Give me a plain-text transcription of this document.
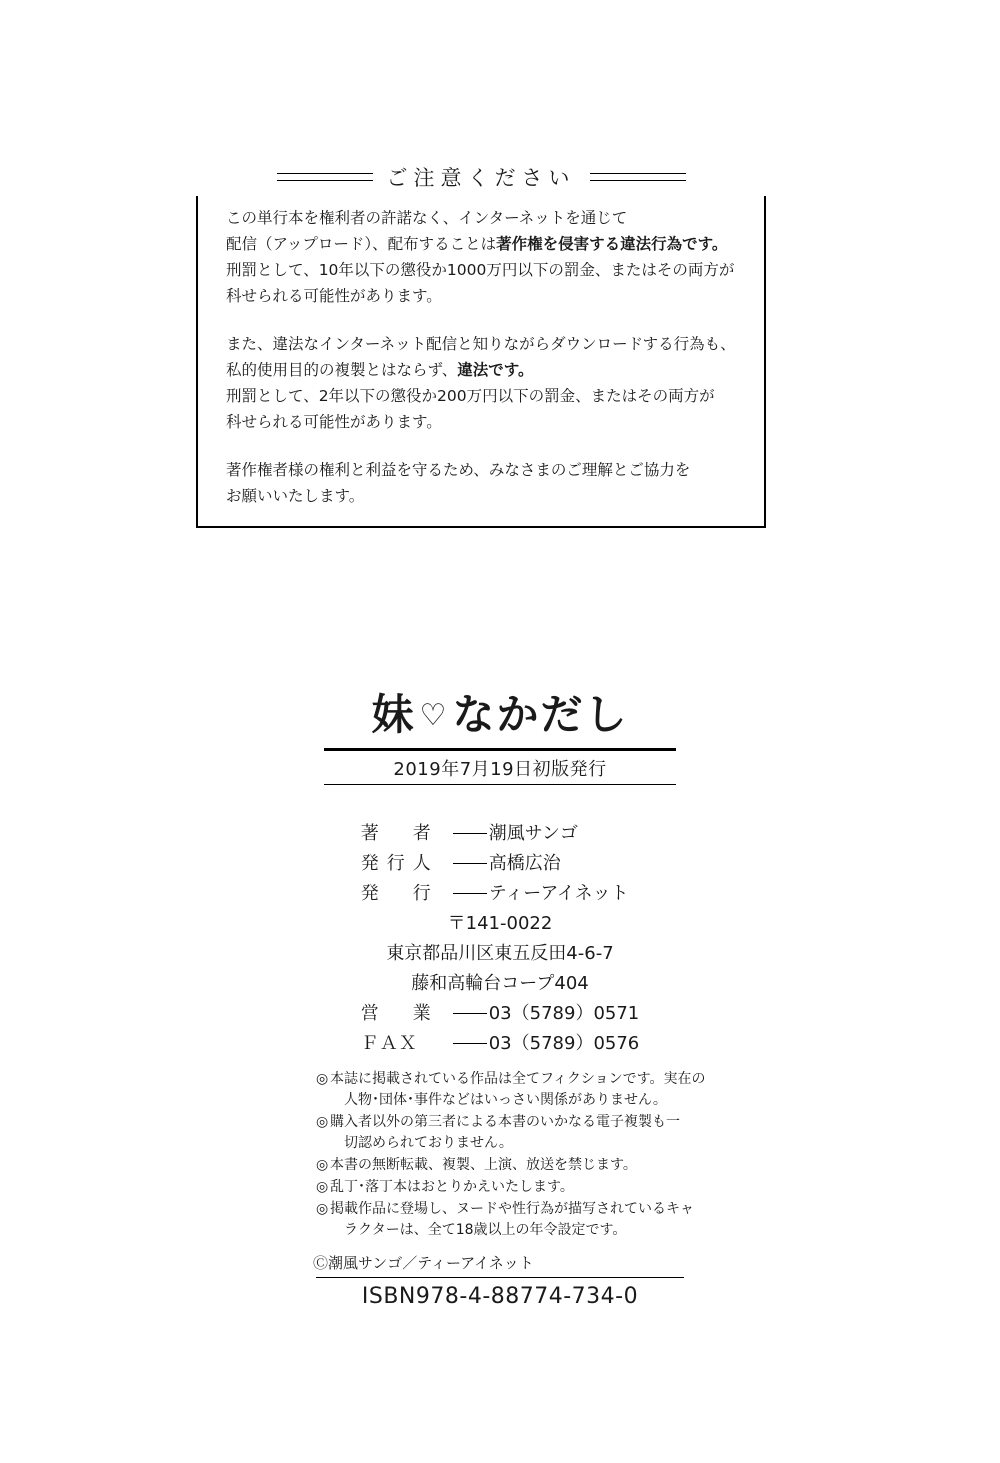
ご注意ください
この単行本を権利者の許諾なく、インターネットを通じて
配信（アップロード）、配布することは著作権を侵害する違法行為です。
刑罰として、10年以下の懲役か1000万円以下の罰金、またはその両方が
科せられる可能性があります。
また、違法なインターネット配信と知りながらダウンロードする行為も、
私的使用目的の複製とはならず、違法です。
刑罰として、2年以下の懲役か200万円以下の罰金、またはその両方が
科せられる可能性があります。
著作権者様の権利と利益を守るため、みなさまのご理解とご協力を
お願いいたします。
妹 ♡なかだし
2019年7月19日初版発行
著　者	潮風サンゴ
発行人	高橋広治
発　行	ティーアイネット
〒141-0022
東京都品川区東五反田4-6-7
藤和高輪台コープ404
営　業	03（5789）0571
ＦＡＸ	03（5789）0576
◎ 本誌に掲載されている作品は全てフィクションです。実在の
人物･団体･事件などはいっさい関係がありません。
◎ 購入者以外の第三者による本書のいかなる電子複製も一
切認められておりません。
◎ 本書の無断転載、複製、上演、放送を禁じます。
◎ 乱丁･落丁本はおとりかえいたします。
◎ 掲載作品に登場し、ヌードや性行為が描写されているキャ
ラクターは、全て18歳以上の年令設定です。
Ⓒ潮風サンゴ／ティーアイネット
ISBN978-4-88774-734-0
